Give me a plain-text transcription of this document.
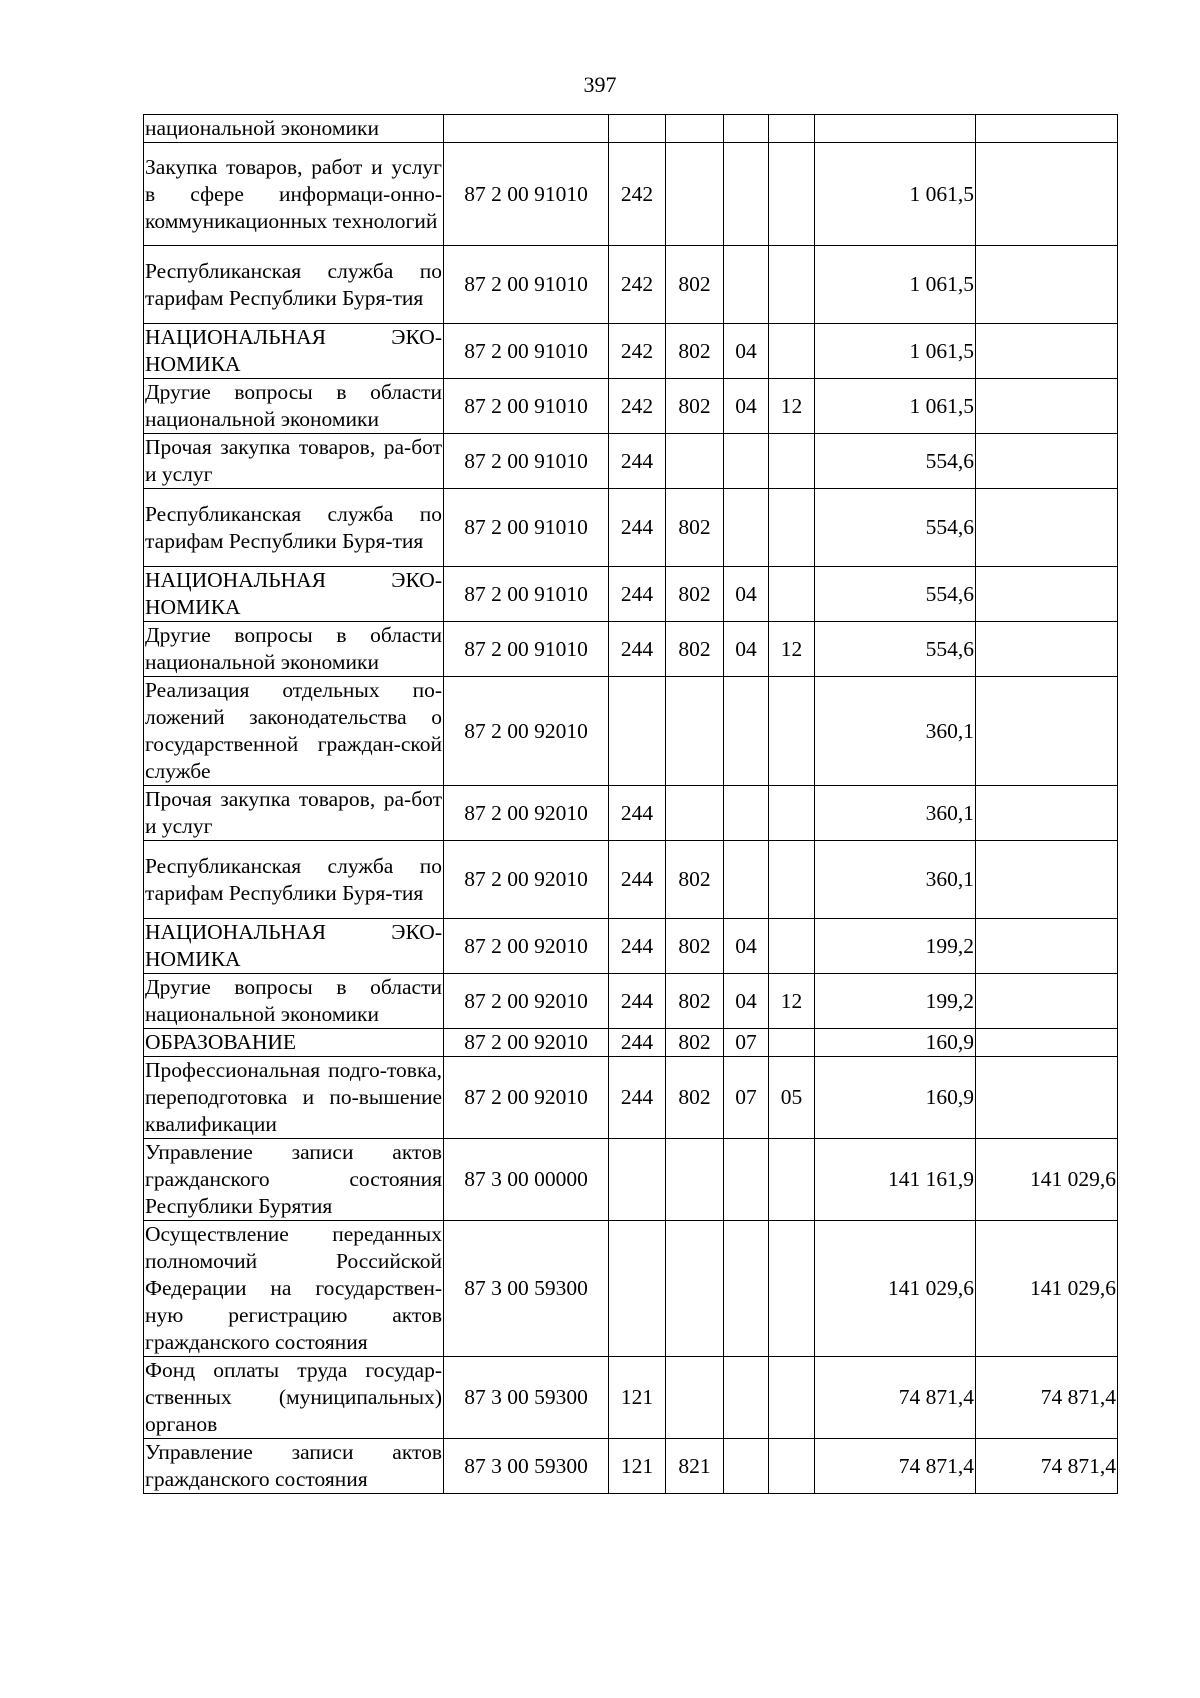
397
национальной экономики							
Закупка товаров, работ и услуг в сфере информаци-онно-коммуникационных технологий	87 2 00 91010	242				1 061,5	
Республиканская служба по тарифам Республики Буря-тия	87 2 00 91010	242	802			1 061,5	
НАЦИОНАЛЬНАЯ ЭКО-НОМИКА	87 2 00 91010	242	802	04		1 061,5	
Другие вопросы в области национальной экономики	87 2 00 91010	242	802	04	12	1 061,5	
Прочая закупка товаров, ра-бот и услуг	87 2 00 91010	244				554,6	
Республиканская служба по тарифам Республики Буря-тия	87 2 00 91010	244	802			554,6	
НАЦИОНАЛЬНАЯ ЭКО-НОМИКА	87 2 00 91010	244	802	04		554,6	
Другие вопросы в области национальной экономики	87 2 00 91010	244	802	04	12	554,6	
Реализация отдельных по-ложений законодательства о государственной граждан-ской службе	87 2 00 92010					360,1	
Прочая закупка товаров, ра-бот и услуг	87 2 00 92010	244				360,1	
Республиканская служба по тарифам Республики Буря-тия	87 2 00 92010	244	802			360,1	
НАЦИОНАЛЬНАЯ ЭКО-НОМИКА	87 2 00 92010	244	802	04		199,2	
Другие вопросы в области национальной экономики	87 2 00 92010	244	802	04	12	199,2	
ОБРАЗОВАНИЕ	87 2 00 92010	244	802	07		160,9	
Профессиональная подго-товка, переподготовка и по-вышение квалификации	87 2 00 92010	244	802	07	05	160,9	
Управление записи актов гражданского состояния Республики Бурятия	87 3 00 00000					141 161,9	141 029,6
Осуществление переданных полномочий Российской Федерации на государствен-ную регистрацию актов гражданского состояния	87 3 00 59300					141 029,6	141 029,6
Фонд оплаты труда государ-ственных (муниципальных) органов	87 3 00 59300	121				74 871,4	74 871,4
Управление записи актов гражданского состояния	87 3 00 59300	121	821			74 871,4	74 871,4
